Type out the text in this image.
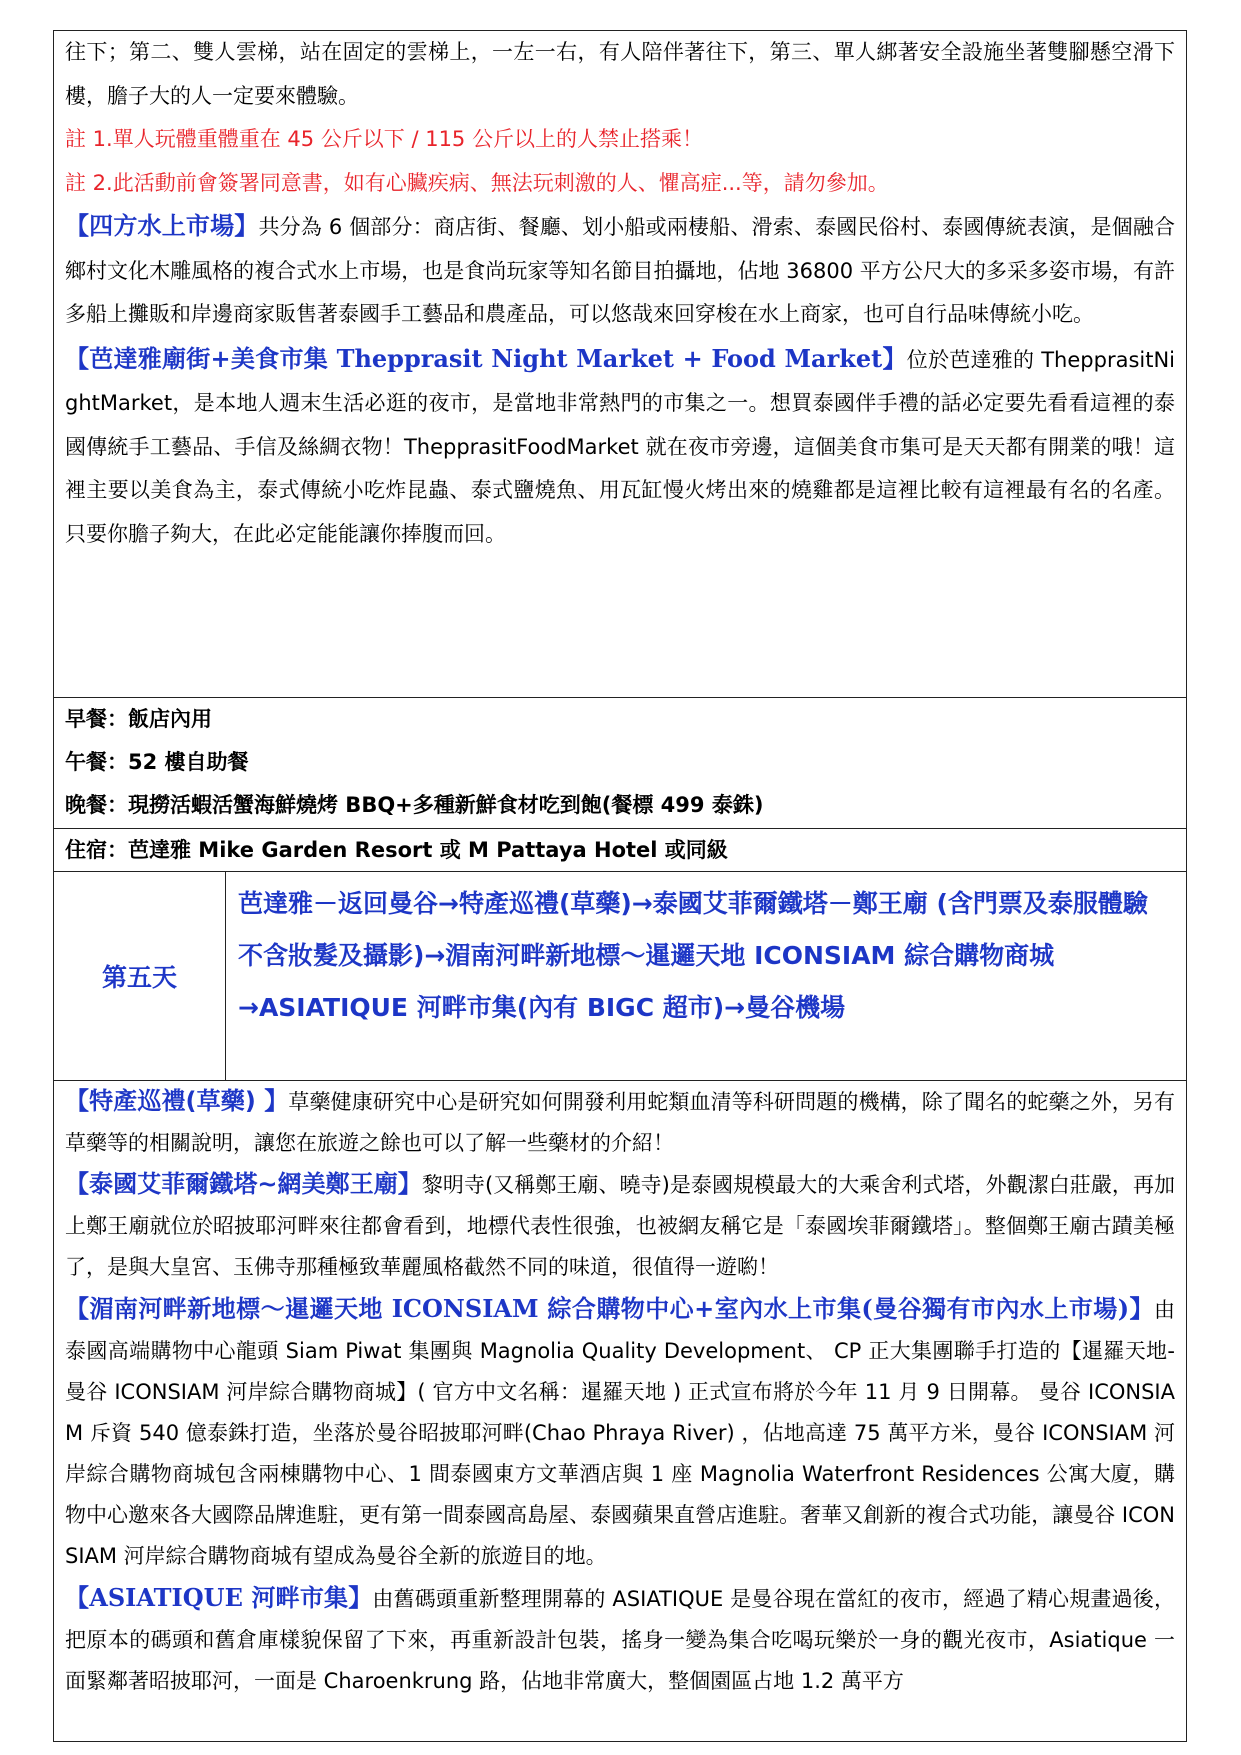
往下；第二、雙人雲梯，站在固定的雲梯上，一左一右，有人陪伴著往下，第三、單人綁著安全設施坐著雙腳懸空滑下樓，膽子大的人一定要來體驗。

註 1.單人玩體重體重在 45 公斤以下 / 115 公斤以上的人禁止搭乘！

註 2.此活動前會簽署同意書，如有心臟疾病、無法玩刺激的人、懼高症...等，請勿參加。

【四方水上市場】共分為 6 個部分：商店街、餐廳、划小船或兩棲船、滑索、泰國民俗村、泰國傳統表演，是個融合鄉村文化木雕風格的複合式水上市場，也是食尚玩家等知名節目拍攝地，佔地 36800 平方公尺大的多采多姿市場，有許多船上攤販和岸邊商家販售著泰國手工藝品和農產品，可以悠哉來回穿梭在水上商家，也可自行品味傳統小吃。

【芭達雅廟街+美食市集 Thepprasit Night Market + Food Market】位於芭達雅的 ThepprasitNightMarket，是本地人週末生活必逛的夜市，是當地非常熱門的市集之一。想買泰國伴手禮的話必定要先看看這裡的泰國傳統手工藝品、手信及絲綢衣物！ThepprasitFoodMarket 就在夜市旁邊，這個美食市集可是天天都有開業的哦！這裡主要以美食為主，泰式傳統小吃炸昆蟲、泰式鹽燒魚、用瓦缸慢火烤出來的燒雞都是這裡比較有這裡最有名的名產。只要你膽子夠大，在此必定能能讓你捧腹而回。

早餐：飯店內用

午餐：52 樓自助餐

晚餐：現撈活蝦活蟹海鮮燒烤 BBQ+多種新鮮食材吃到飽(餐標 499 泰銖)

住宿：芭達雅 Mike Garden Resort 或 M Pattaya Hotel 或同級

第五天	芭達雅－返回曼谷→特產巡禮(草藥)→泰國艾菲爾鐵塔－鄭王廟 (含門票及泰服體驗 不含妝髮及攝影)→湄南河畔新地標～暹邏天地 ICONSIAM 綜合購物商城→ASIATIQUE 河畔市集(內有 BIGC 超市)→曼谷機場

【特產巡禮(草藥) 】草藥健康研究中心是研究如何開發利用蛇類血清等科研問題的機構，除了聞名的蛇藥之外，另有草藥等的相關說明，讓您在旅遊之餘也可以了解一些藥材的介紹！

【泰國艾菲爾鐵塔~網美鄭王廟】黎明寺(又稱鄭王廟、曉寺)是泰國規模最大的大乘舍利式塔，外觀潔白莊嚴，再加上鄭王廟就位於昭披耶河畔來往都會看到，地標代表性很強，也被網友稱它是「泰國埃菲爾鐵塔」。整個鄭王廟古蹟美極了，是與大皇宮、玉佛寺那種極致華麗風格截然不同的味道，很值得一遊喲！

【湄南河畔新地標～暹邏天地 ICONSIAM 綜合購物中心+室內水上市集(曼谷獨有市內水上市場)】由泰國高端購物中心龍頭 Siam Piwat 集團與 Magnolia Quality Development、 CP 正大集團聯手打造的【暹羅天地-曼谷 ICONSIAM 河岸綜合購物商城】( 官方中文名稱：暹羅天地 ) 正式宣布將於今年 11 月 9 日開幕。 曼谷 ICONSIAM 斥資 540 億泰銖打造，坐落於曼谷昭披耶河畔(Chao Phraya River) ，佔地高達 75 萬平方米，曼谷 ICONSIAM 河岸綜合購物商城包含兩棟購物中心、1 間泰國東方文華酒店與 1 座 Magnolia Waterfront Residences 公寓大廈，購物中心邀來各大國際品牌進駐，更有第一間泰國高島屋、泰國蘋果直營店進駐。奢華又創新的複合式功能，讓曼谷 ICONSIAM 河岸綜合購物商城有望成為曼谷全新的旅遊目的地。

【ASIATIQUE 河畔市集】由舊碼頭重新整理開幕的 ASIATIQUE 是曼谷現在當紅的夜市，經過了精心規畫過後，把原本的碼頭和舊倉庫樣貌保留了下來，再重新設計包裝，搖身一變為集合吃喝玩樂於一身的觀光夜市，Asiatique 一面緊鄰著昭披耶河，一面是 Charoenkrung 路，佔地非常廣大，整個園區占地 1.2 萬平方
